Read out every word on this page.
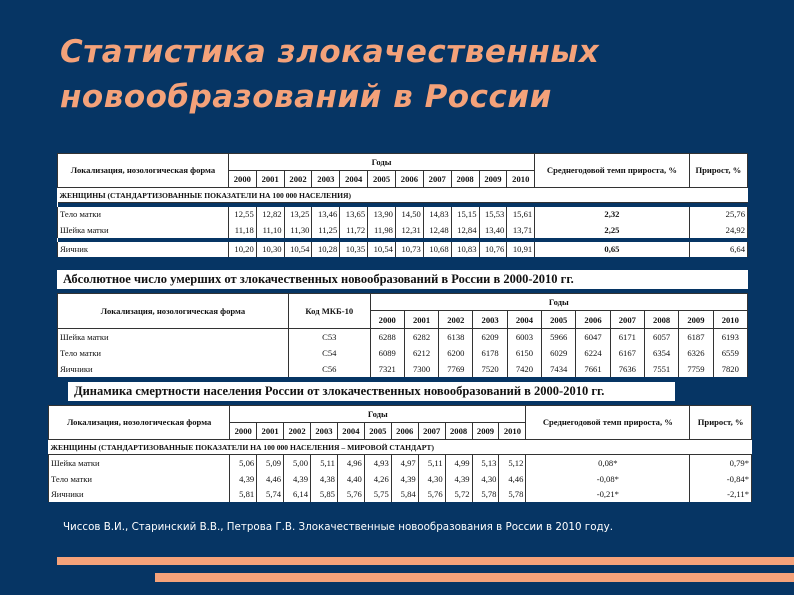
Статистика злокачественных
новообразований в России
Локализация, нозологическая форма	Годы											Среднегодовой темп прироста, %	Прирост, %
	2000	2001	2002	2003	2004	2005	2006	2007	2008	2009	2010		
ЖЕНЩИНЫ (СТАНДАРТИЗОВАННЫЕ ПОКАЗАТЕЛИ НА 100 000 НАСЕЛЕНИЯ)													

Тело матки	12,55	12,82	13,25	13,46	13,65	13,90	14,50	14,83	15,15	15,53	15,61	2,32	25,76
Шейка матки	11,18	11,10	11,30	11,25	11,72	11,98	12,31	12,48	12,84	13,40	13,71	2,25	24,92

Яичник	10,20	10,30	10,54	10,28	10,35	10,54	10,73	10,68	10,83	10,76	10,91	0,65	6,64
Абсолютное число умерших от злокачественных новообразований в России в 2000-2010 гг.
Локализация, нозологическая форма	Код МКБ-10	Годы										
		2000	2001	2002	2003	2004	2005	2006	2007	2008	2009	2010
Шейка матки	C53	6288	6282	6138	6209	6003	5966	6047	6171	6057	6187	6193
Тело матки	C54	6089	6212	6200	6178	6150	6029	6224	6167	6354	6326	6559
Яичники	C56	7321	7300	7769	7520	7420	7434	7661	7636	7551	7759	7820
Динамика смертности населения России от злокачественных новообразований в 2000-2010 гг.
Локализация, нозологическая форма	Годы											Среднегодовой темп прироста, %	Прирост, %
	2000	2001	2002	2003	2004	2005	2006	2007	2008	2009	2010		
ЖЕНЩИНЫ (СТАНДАРТИЗОВАННЫЕ ПОКАЗАТЕЛИ НА 100 000 НАСЕЛЕНИЯ – МИРОВОЙ СТАНДАРТ)													
Шейка матки	5,06	5,09	5,00	5,11	4,96	4,93	4,97	5,11	4,99	5,13	5,12	0,08*	0,79*
Тело матки	4,39	4,46	4,39	4,38	4,40	4,26	4,39	4,30	4,39	4,30	4,46	-0,08*	-0,84*
Яичники	5,81	5,74	6,14	5,85	5,76	5,75	5,84	5,76	5,72	5,78	5,78	-0,21*	-2,11*
Чиссов В.И., Старинский В.В., Петрова Г.В. Злокачественные новообразования в России в 2010 году.
